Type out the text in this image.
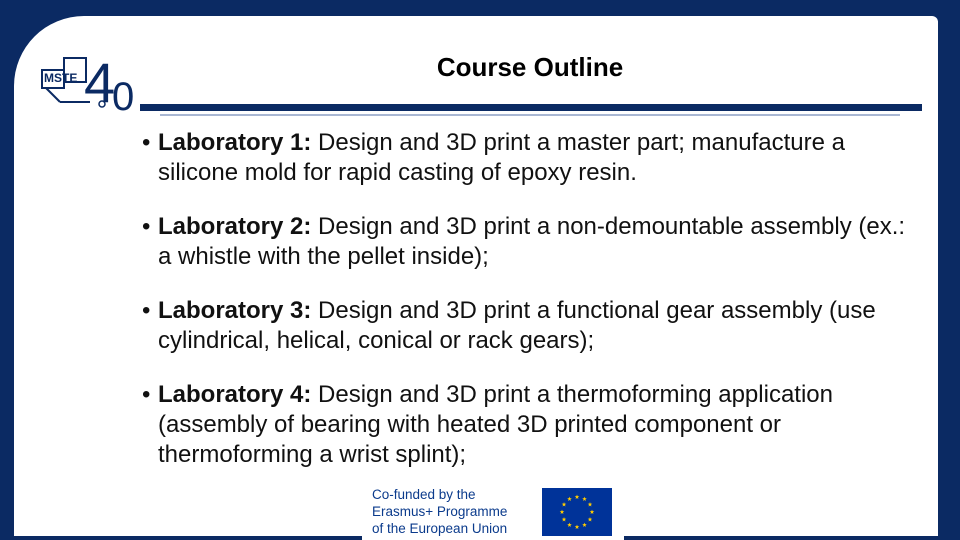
MSTE 4
0
Course Outline
• Laboratory 1: Design and 3D print a master part; manufacture a silicone mold for rapid casting of epoxy resin.
• Laboratory 2: Design and 3D print a non-demountable assembly (ex.: a whistle with the pellet inside);
• Laboratory 3: Design and 3D print a functional gear assembly (use cylindrical, helical, conical or rack gears);
• Laboratory 4: Design and 3D print a thermoforming application (assembly of bearing with heated 3D printed component or thermoforming a wrist splint);
Co-funded by the
Erasmus+ Programme
of the European Union
